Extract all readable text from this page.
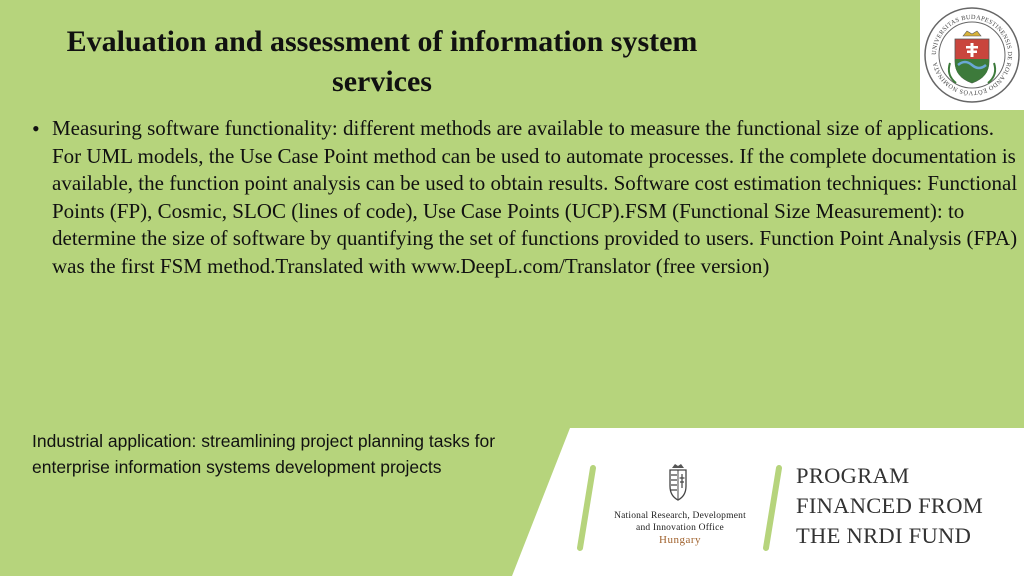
Evaluation and assessment of information system services
• Measuring software functionality: different methods are available to measure the functional size of applications. For UML models, the Use Case Point method can be used to automate processes. If the complete documentation is available, the function point analysis can be used to obtain results. Software cost estimation techniques: Functional Points (FP), Cosmic, SLOC (lines of code), Use Case Points (UCP).FSM (Functional Size Measurement): to determine the size of software by quantifying the set of functions provided to users. Function Point Analysis (FPA) was the first FSM method.Translated with www.DeepL.com/Translator (free version)

UNIVERSITAS BUDAPESTINENSIS DE ROLANDO EÖTVÖS NOMINATA
Industrial application: streamlining project planning tasks for enterprise information systems development projects
National Research, Development
and Innovation Office
Hungary
PROGRAM
FINANCED FROM
THE NRDI FUND
